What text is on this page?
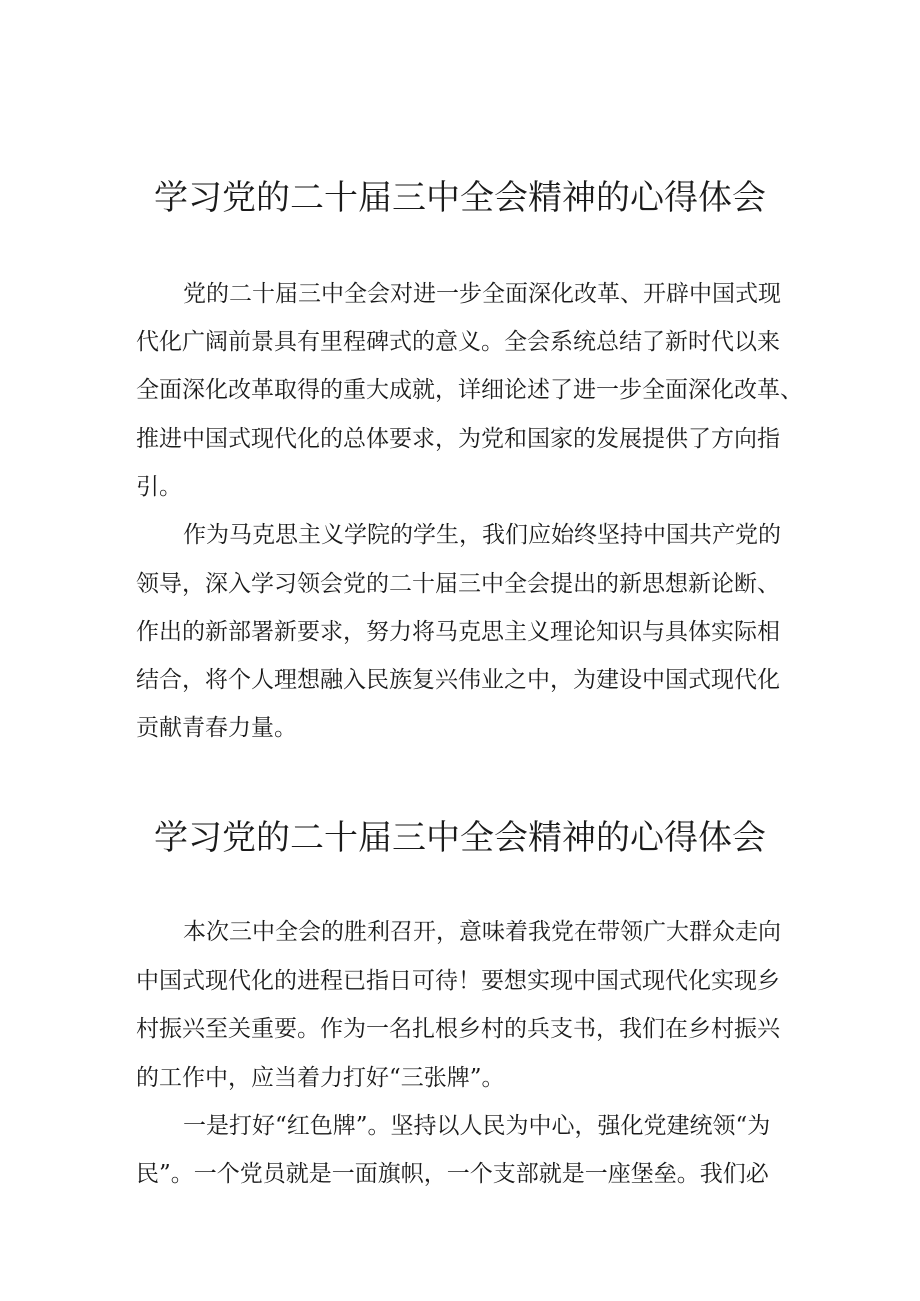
学习党的二十届三中全会精神的心得体会

党的二十届三中全会对进一步全面深化改革、开辟中国式现

代化广阔前景具有里程碑式的意义。全会系统总结了新时代以来

全面深化改革取得的重大成就，详细论述了进一步全面深化改革、

推进中国式现代化的总体要求，为党和国家的发展提供了方向指

引。

作为马克思主义学院的学生，我们应始终坚持中国共产党的

领导，深入学习领会党的二十届三中全会提出的新思想新论断、

作出的新部署新要求，努力将马克思主义理论知识与具体实际相

结合，将个人理想融入民族复兴伟业之中，为建设中国式现代化

贡献青春力量。

学习党的二十届三中全会精神的心得体会

本次三中全会的胜利召开，意味着我党在带领广大群众走向

中国式现代化的进程已指日可待！要想实现中国式现代化实现乡

村振兴至关重要。作为一名扎根乡村的兵支书，我们在乡村振兴

的工作中，应当着力打好“三张牌”。

一是打好“红色牌”。坚持以人民为中心，强化党建统领“为

民”。一个党员就是一面旗帜，一个支部就是一座堡垒。我们必
